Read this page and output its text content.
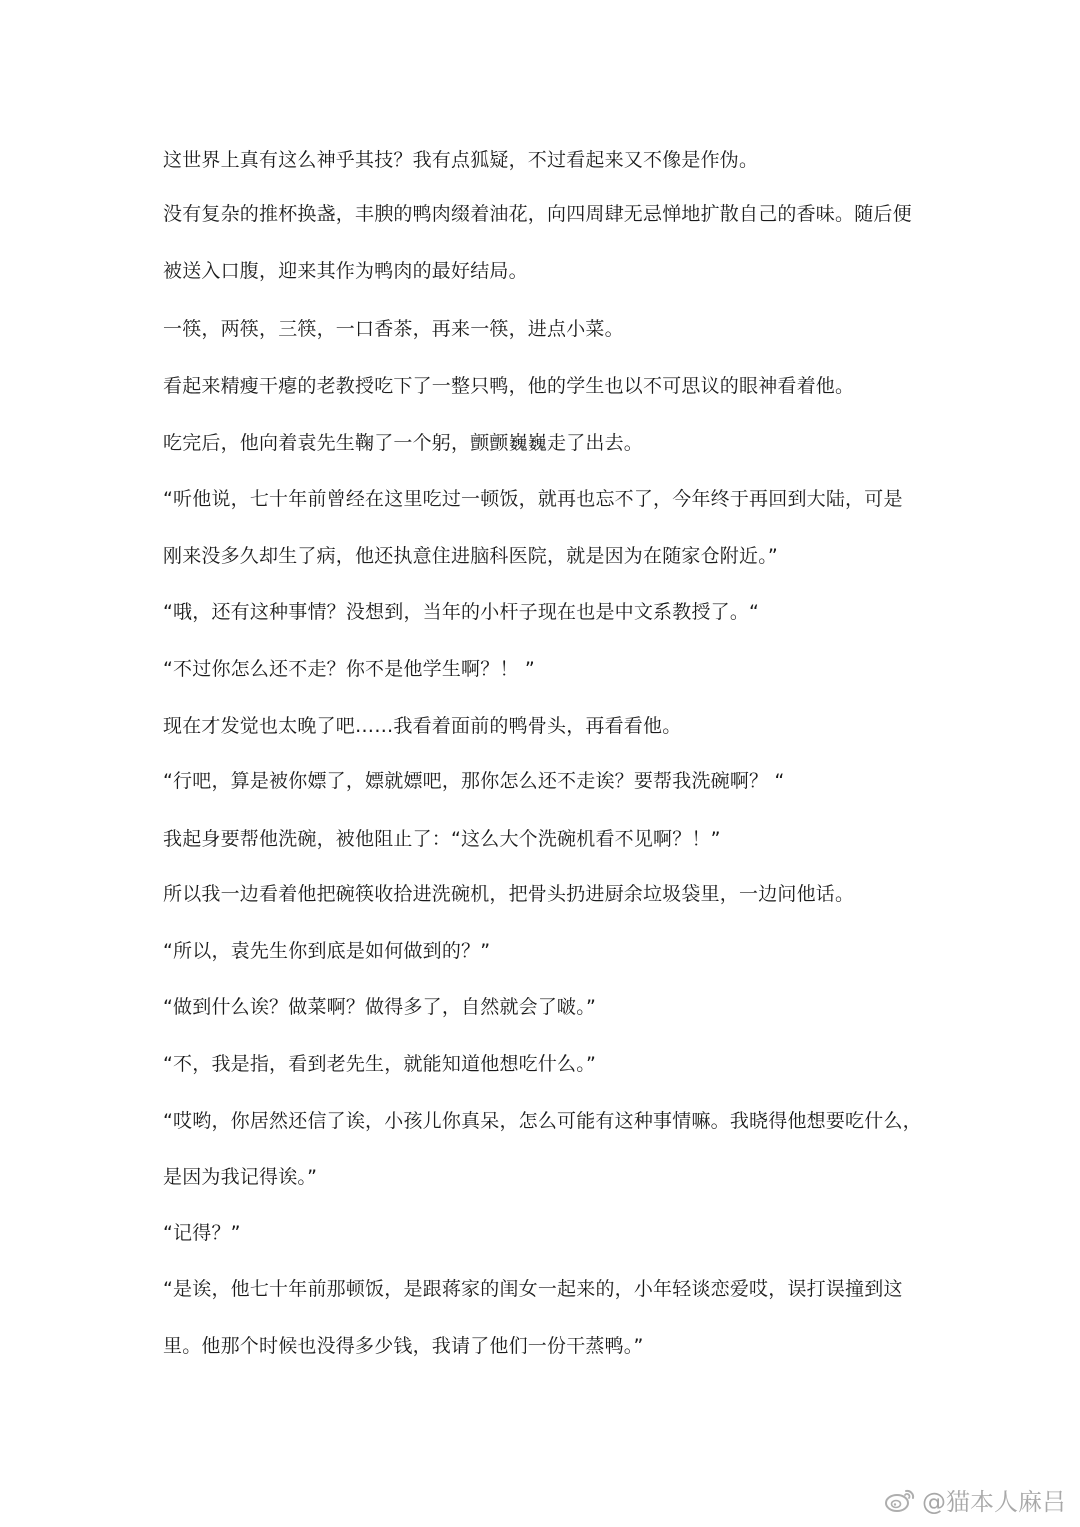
这世界上真有这么神乎其技？我有点狐疑，不过看起来又不像是作伪。
没有复杂的推杯换盏，丰腴的鸭肉缀着油花，向四周肆无忌惮地扩散自己的香味。随后便
被送入口腹，迎来其作为鸭肉的最好结局。
一筷，两筷，三筷，一口香茶，再来一筷，进点小菜。
看起来精瘦干瘪的老教授吃下了一整只鸭，他的学生也以不可思议的眼神看着他。
吃完后，他向着袁先生鞠了一个躬，颤颤巍巍走了出去。
“听他说，七十年前曾经在这里吃过一顿饭，就再也忘不了，今年终于再回到大陆，可是
刚来没多久却生了病，他还执意住进脑科医院，就是因为在随家仓附近。”
“哦，还有这种事情？没想到，当年的小杆子现在也是中文系教授了。“
“不过你怎么还不走？你不是他学生啊？！ ”
现在才发觉也太晚了吧……我看着面前的鸭骨头，再看看他。
“行吧，算是被你嫖了，嫖就嫖吧，那你怎么还不走诶？要帮我洗碗啊？ “
我起身要帮他洗碗，被他阻止了：“这么大个洗碗机看不见啊？！”
所以我一边看着他把碗筷收拾进洗碗机，把骨头扔进厨余垃圾袋里，一边问他话。
“所以，袁先生你到底是如何做到的？”
“做到什么诶？做菜啊？做得多了，自然就会了啵。”
“不，我是指，看到老先生，就能知道他想吃什么。”
“哎哟，你居然还信了诶，小孩儿你真呆，怎么可能有这种事情嘛。我晓得他想要吃什么，
是因为我记得诶。”
“记得？”
“是诶，他七十年前那顿饭，是跟蒋家的闺女一起来的，小年轻谈恋爱哎，误打误撞到这
里。他那个时候也没得多少钱，我请了他们一份干蒸鸭。”
@猫本人麻吕
